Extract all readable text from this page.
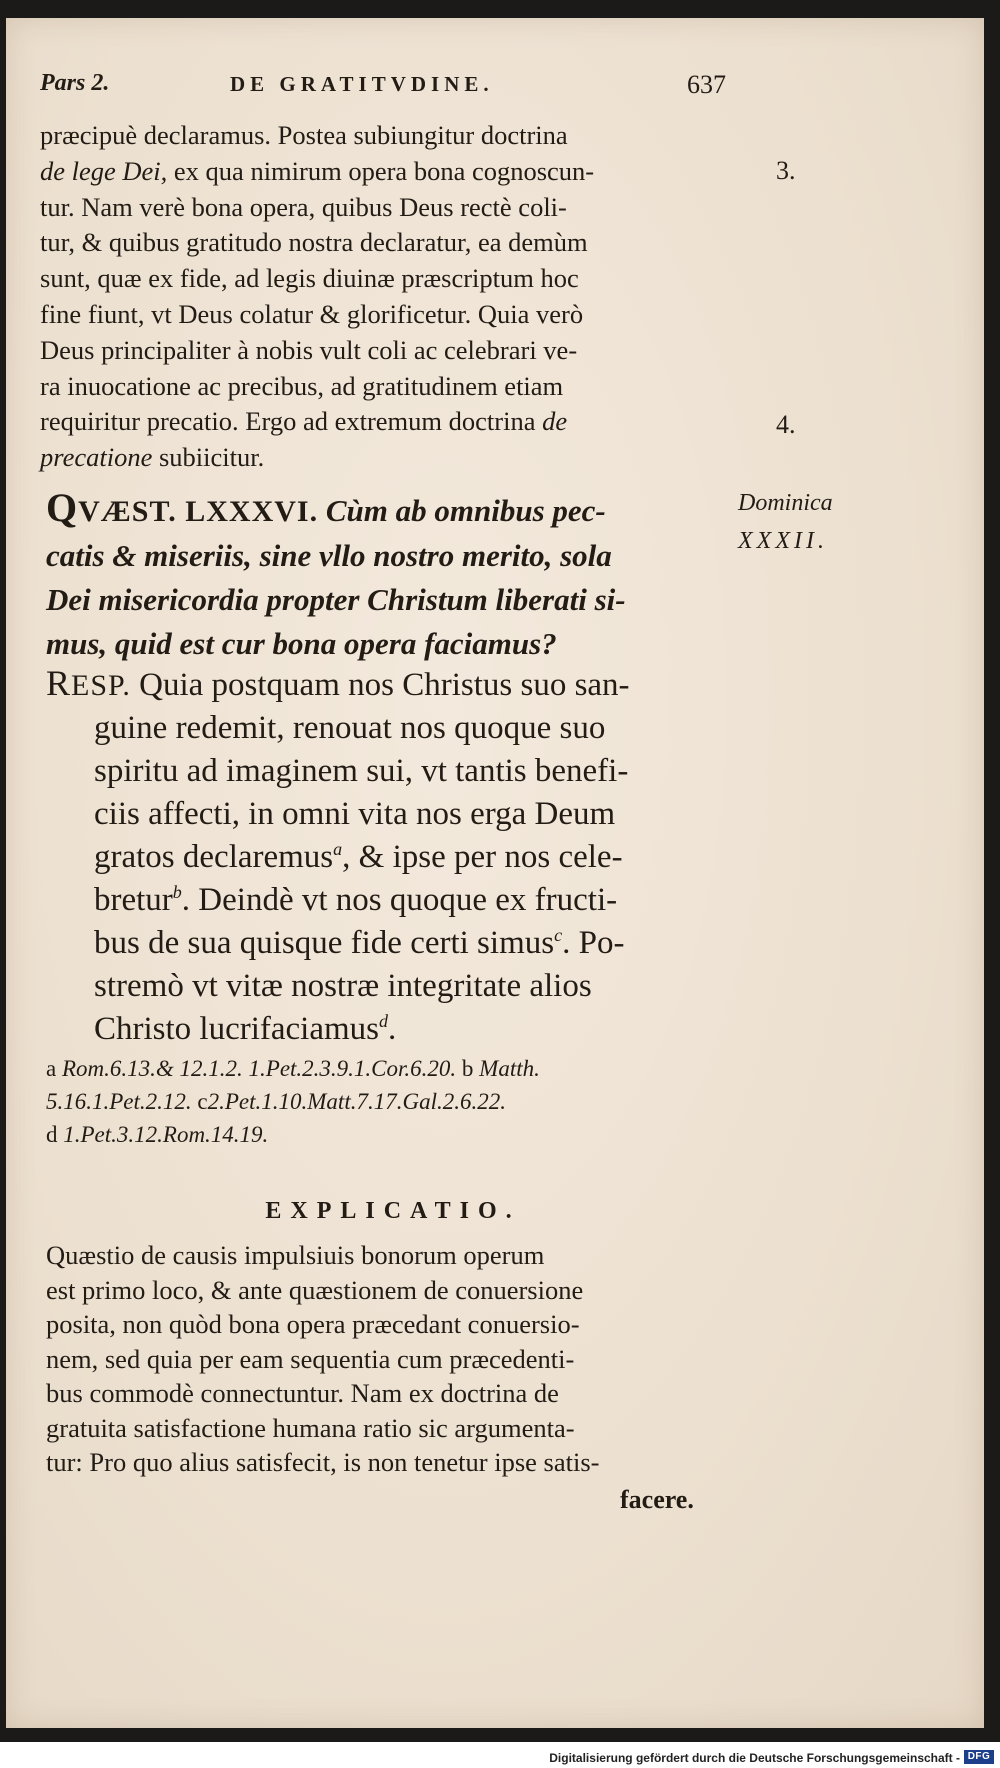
Pars 2.	DE GRATITVDINE.	637
præcipuè declaramus. Postea subiungitur doctrina
de lege Dei, ex qua nimirum opera bona cognoscun-
tur. Nam verè bona opera, quibus Deus rectè coli-
tur, & quibus gratitudo nostra declaratur, ea demùm
sunt, quæ ex fide, ad legis diuinæ præscriptum hoc
fine fiunt, vt Deus colatur & glorificetur. Quia verò
Deus principaliter à nobis vult coli ac celebrari ve-
ra inuocatione ac precibus, ad gratitudinem etiam
requiritur precatio. Ergo ad extremum doctrina de
precatione subiicitur.
3.
4.
Dominica
XXXII.
QVÆST. LXXXVI. Cùm ab omnibus pec-
catis & miseriis, sine vllo nostro merito, sola
Dei misericordia propter Christum liberati si-
mus, quid est cur bona opera faciamus?
RESP. Quia postquam nos Christus suo san-
guine redemit, renouat nos quoque suo
spiritu ad imaginem sui, vt tantis benefi-
ciis affecti, in omni vita nos erga Deum
gratos declaremus$^a$, & ipse per nos cele-
bretur$^b$. Deindè vt nos quoque ex fructi-
bus de sua quisque fide certi simus$^c$. Po-
stremò vt vitæ nostræ integritate alios
Christo lucrifaciamus$^d$.
a Rom.6.13.& 12.1.2. 1.Pet.2.3.9.1.Cor.6.20. b Matth.
5.16.1.Pet.2.12. c2.Pet.1.10.Matt.7.17.Gal.2.6.22.
d 1.Pet.3.12.Rom.14.19.
EXPLICATIO.
Quæstio de causis impulsiuis bonorum operum
est primo loco, & ante quæstionem de conuersione
posita, non quòd bona opera præcedant conuersio-
nem, sed quia per eam sequentia cum præcedenti-
bus commodè connectuntur. Nam ex doctrina de
gratuita satisfactione humana ratio sic argumenta-
tur: Pro quo alius satisfecit, is non tenetur ipse satis-
facere.
Digitalisierung gefördert durch die Deutsche Forschungsgemeinschaft - DFG
